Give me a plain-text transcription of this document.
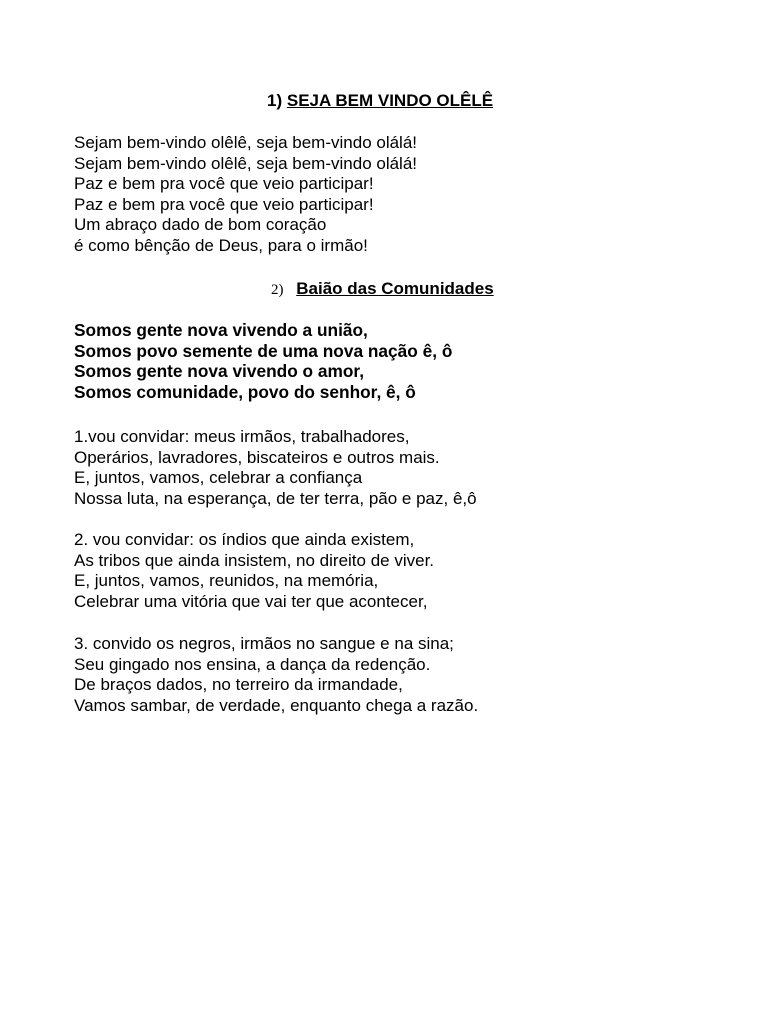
1) SEJA BEM VINDO OLÊLÊ
Sejam bem-vindo olêlê, seja bem-vindo olálá!
Sejam bem-vindo olêlê, seja bem-vindo olálá!
Paz e bem pra você que veio participar!
Paz e bem pra você que veio participar!
Um abraço dado de bom coração
é como bênção de Deus, para o irmão!
2) Baião das Comunidades
Somos gente nova vivendo a união,
Somos povo semente de uma nova nação ê, ô
Somos gente nova vivendo o amor,
Somos comunidade, povo do senhor, ê, ô
1.vou convidar: meus irmãos, trabalhadores,
Operários, lavradores, biscateiros e outros mais.
E, juntos, vamos, celebrar a confiança
Nossa luta, na esperança, de ter terra, pão e paz, ê,ô
2. vou convidar: os índios que ainda existem,
As tribos que ainda insistem, no direito de viver.
E, juntos, vamos, reunidos, na memória,
Celebrar uma vitória que vai ter que acontecer,
3. convido os negros, irmãos no sangue e na sina;
Seu gingado nos ensina, a dança da redenção.
De braços dados, no terreiro da irmandade,
Vamos sambar, de verdade, enquanto chega a razão.
